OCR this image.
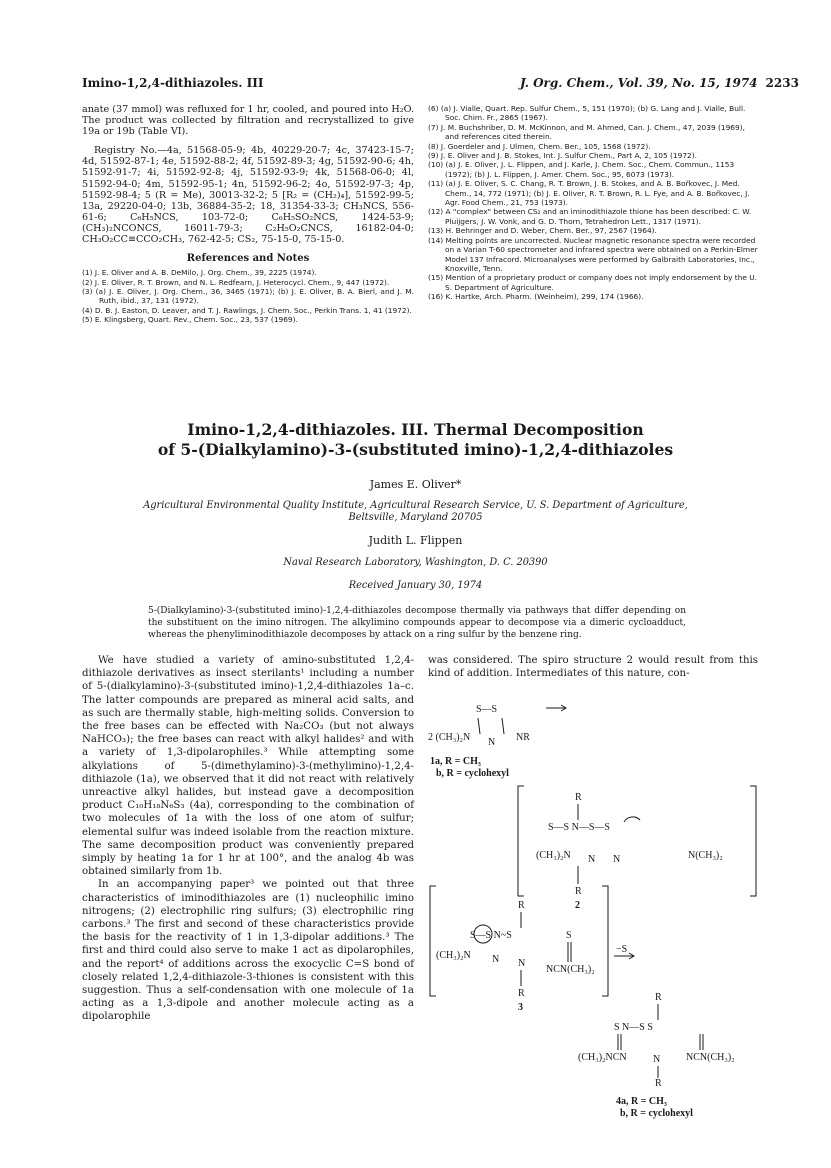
Imino-1,2,4-dithiazoles. III	J. Org. Chem., Vol. 39, No. 15, 1974 2233

anate (37 mmol) was refluxed for 1 hr, cooled, and poured into H₂O. The product was collected by filtration and recrystallized to give 19a or 19b (Table VI).

Registry No.—4a, 51568-05-9; 4b, 40229-20-7; 4c, 37423-15-7; 4d, 51592-87-1; 4e, 51592-88-2; 4f, 51592-89-3; 4g, 51592-90-6; 4h, 51592-91-7; 4i, 51592-92-8; 4j, 51592-93-9; 4k, 51568-06-0; 4l, 51592-94-0; 4m, 51592-95-1; 4n, 51592-96-2; 4o, 51592-97-3; 4p, 51592-98-4; 5 (R = Me), 30013-32-2; 5 [R₂ = (CH₂)₄], 51592-99-5; 13a, 29220-04-0; 13b, 36884-35-2; 18, 31354-33-3; CH₃NCS, 556-61-6; C₆H₅NCS, 103-72-0; C₆H₅SO₂NCS, 1424-53-9; (CH₃)₂NCONCS, 16011-79-3; C₂H₅O₂CNCS, 16182-04-0; CH₃O₂CC≡CCO₂CH₃, 762-42-5; CS₂, 75-15-0, 75-15-0.

References and Notes
(1) J. E. Oliver and A. B. DeMilo, J. Org. Chem., 39, 2225 (1974).
(2) J. E. Oliver, R. T. Brown, and N. L. Redfearn, J. Heterocycl. Chem., 9, 447 (1972).
(3) (a) J. E. Oliver, J. Org. Chem., 36, 3465 (1971); (b) J. E. Oliver, B. A. Bierl, and J. M. Ruth, ibid., 37, 131 (1972).
(4) D. B. J. Easton, D. Leaver, and T. J. Rawlings, J. Chem. Soc., Perkin Trans. 1, 41 (1972).
(5) E. Klingsberg, Quart. Rev., Chem. Soc., 23, 537 (1969).
(6) (a) J. Vialle, Quart. Rep. Sulfur Chem., 5, 151 (1970); (b) G. Lang and J. Vialle, Bull. Soc. Chim. Fr., 2865 (1967).
(7) J. M. Buchshriber, D. M. McKinnon, and M. Ahmed, Can. J. Chem., 47, 2039 (1969), and references cited therein.
(8) J. Goerdeler and J. Ulmen, Chem. Ber., 105, 1568 (1972).
(9) J. E. Oliver and J. B. Stokes, Int. J. Sulfur Chem., Part A, 2, 105 (1972).
(10) (a) J. E. Oliver, J. L. Flippen, and J. Karle, J. Chem. Soc., Chem. Commun., 1153 (1972); (b) J. L. Flippen, J. Amer. Chem. Soc., 95, 6073 (1973).
(11) (a) J. E. Oliver, S. C. Chang, R. T. Brown, J. B. Stokes, and A. B. Bořkovec, J. Med. Chem., 14, 772 (1971); (b) J. E. Oliver, R. T. Brown, R. L. Fye, and A. B. Bořkovec, J. Agr. Food Chem., 21, 753 (1973).
(12) A "complex" between CS₂ and an iminodithiazole thione has been described: C. W. Pluijgers, J. W. Vonk, and G. D. Thorn, Tetrahedron Lett., 1317 (1971).
(13) H. Behringer and D. Weber, Chem. Ber., 97, 2567 (1964).
(14) Melting points are uncorrected. Nuclear magnetic resonance spectra were recorded on a Varian T-60 spectrometer and infrared spectra were obtained on a Perkin-Elmer Model 137 Infracord. Microanalyses were performed by Galbraith Laboratories, Inc., Knoxville, Tenn.
(15) Mention of a proprietary product or company does not imply endorsement by the U. S. Department of Agriculture.
(16) K. Hartke, Arch. Pharm. (Weinheim), 299, 174 (1966).
Imino-1,2,4-dithiazoles. III. Thermal Decomposition
of 5-(Dialkylamino)-3-(substituted imino)-1,2,4-dithiazoles
James E. Oliver*
Agricultural Environmental Quality Institute, Agricultural Research Service, U. S. Department of Agriculture,
Beltsville, Maryland 20705
Judith L. Flippen
Naval Research Laboratory, Washington, D. C. 20390
Received January 30, 1974
5-(Dialkylamino)-3-(substituted imino)-1,2,4-dithiazoles decompose thermally via pathways that differ depending on the substituent on the imino nitrogen. The alkylimino compounds appear to decompose via a dimeric cycloadduct, whereas the phenyliminodithiazole decomposes by attack on a ring sulfur by the benzene ring.

We have studied a variety of amino-substituted 1,2,4-dithiazole derivatives as insect sterilants¹ including a number of 5-(dialkylamino)-3-(substituted imino)-1,2,4-dithiazoles 1a–c. The latter compounds are prepared as mineral acid salts, and as such are thermally stable, high-melting solids. Conversion to the free bases can be effected with Na₂CO₃ (but not always NaHCO₃); the free bases can react with alkyl halides² and with a variety of 1,3-dipolarophiles.³ While attempting some alkylations of 5-(dimethylamino)-3-(methylimino)-1,2,4-dithiazole (1a), we observed that it did not react with relatively unreactive alkyl halides, but instead gave a decomposition product C₁₀H₁₈N₆S₃ (4a), corresponding to the combination of two molecules of 1a with the loss of one atom of sulfur; elemental sulfur was indeed isolable from the reaction mixture. The same decomposition product was conveniently prepared simply by heating 1a for 1 hr at 100°, and the analog 4b was obtained similarly from 1b.

In an accompanying paper³ we pointed out that three characteristics of iminodithiazoles are (1) nucleophilic imino nitrogens; (2) electrophilic ring sulfurs; (3) electrophilic ring carbons.³ The first and second of these characteristics provide the basis for the reactivity of 1 in 1,3-dipolar additions.³ The first and third could also serve to make 1 act as dipolarophiles, and the report⁴ of additions across the exocyclic C=S bond of closely related 1,2,4-dithiazole-3-thiones is consistent with this suggestion. Thus a self-condensation with one molecule of 1a acting as a 1,3-dipole and another molecule acting as a dipolarophile

was considered. The spiro structure 2 would result from this kind of addition. Intermediates of this nature, con-
S—S
2 (CH₃)₂N N NR
1a, R = CH₃
b, R = cyclohexyl
R
S—S N—S—S
(CH₃)₂N N N	N(CH₃)₂
R
2
R
S—S N~S	S
(CH₃)₂N N N
NCN(CH₃)₂
R
3
−S
R
S N—S S
(CH₃)₂NCN	N	NCN(CH₃)₂
R
4a, R = CH₃
b, R = cyclohexyl
